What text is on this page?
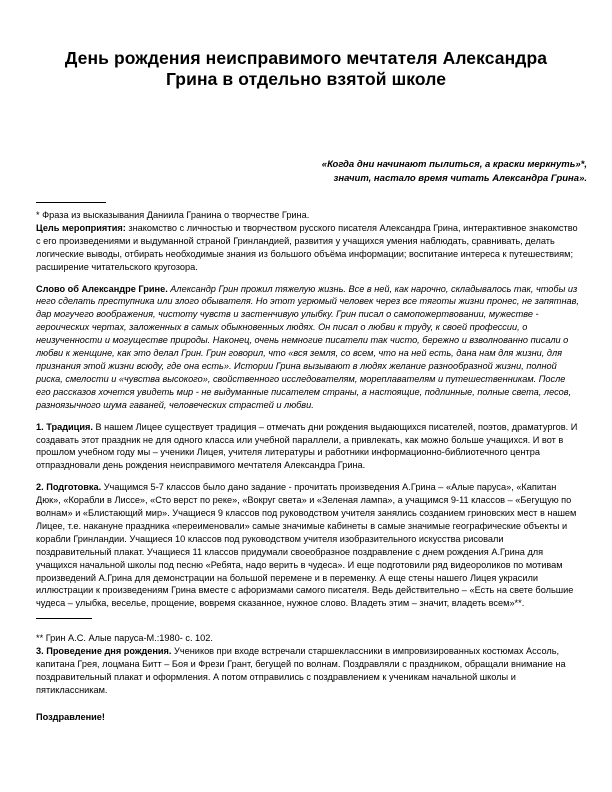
День рождения неисправимого мечтателя Александра
Грина в отдельно взятой школе
«Когда дни начинают пылиться, а краски меркнуть»*,
значит, настало время читать Александра Грина».

* Фраза из высказывания Даниила Гранина о творчестве Грина.

Цель мероприятия: знакомство с личностью и творчеством русского писателя Александра Грина, интерактивное знакомство с его произведениями и выдуманной страной Гринландией, развития у учащихся умения наблюдать, сравнивать, делать логические выводы, отбирать необходимые знания из большого объёма информации; воспитание интереса к путешествиям; расширение читательского кругозора.

Слово об Александре Грине. Александр Грин прожил тяжелую жизнь. Все в ней, как нарочно, складывалось так, чтобы из него сделать преступника или злого обывателя. Но этот угрюмый человек через все тяготы жизни пронес, не запятнав, дар могучего воображения, чистоту чувств и застенчивую улыбку. Грин писал о самопожертвовании, мужестве - героических чертах, заложенных в самых обыкновенных людях. Он писал о любви к труду, к своей профессии, о неизученности и могуществе природы. Наконец, очень немногие писатели так чисто, бережно и взволнованно писали о любви к женщине, как это делал Грин. Грин говорил, что «вся земля, со всем, что на ней есть, дана нам для жизни, для признания этой жизни всюду, где она есть». Истории Грина вызывают в людях желание разнообразной жизни, полной риска, смелости и «чувства высокого», свойственного исследователям, мореплавателям и путешественникам. После его рассказов хочется увидеть мир - не выдуманные писателем страны, а настоящие, подлинные, полные света, лесов, разноязычного шума гаваней, человеческих страстей и любви.

1. Традиция. В нашем Лицее существует традиция – отмечать дни рождения выдающихся писателей, поэтов, драматургов. И создавать этот праздник не для одного класса или учебной параллели, а привлекать, как можно больше учащихся. И вот в прошлом учебном году мы – ученики Лицея, учителя литературы и работники информационно-библиотечного центра отпраздновали день рождения неисправимого мечтателя Александра Грина.

2. Подготовка. Учащимся 5-7 классов было дано задание - прочитать произведения А.Грина – «Алые паруса», «Капитан Дюк», «Корабли в Лиссе», «Сто верст по реке», «Вокруг света» и «Зеленая лампа», а учащимся 9-11 классов – «Бегущую по волнам» и «Блистающий мир». Учащиеся 9 классов под руководством учителя занялись созданием гриновских мест в нашем Лицее, т.е. накануне праздника «переименовали» самые значимые кабинеты в самые значимые географические объекты и корабли Гринландии. Учащиеся 10 классов под руководством учителя изобразительного искусства рисовали поздравительный плакат. Учащиеся 11 классов придумали своеобразное поздравление с днем рождения А.Грина для учащихся начальной школы под песню «Ребята, надо верить в чудеса». И еще подготовили ряд видеороликов по мотивам произведений А.Грина для демонстрации на большой перемене и в переменку. А еще стены нашего Лицея украсили иллюстрации к произведениям Грина вместе с афоризмами самого писателя. Ведь действительно – «Есть на свете большие чудеса – улыбка, веселье, прощение, вовремя сказанное, нужное слово. Владеть этим – значит, владеть всем»**.

** Грин А.С. Алые паруса-М.:1980- с. 102.

3. Проведение дня рождения. Учеников при входе встречали старшеклассники в импровизированных костюмах Ассоль, капитана Грея, лоцмана Битт – Боя и Фрези Грант, бегущей по волнам. Поздравляли с праздником, обращали внимание на поздравительный плакат и оформления. А потом отправились с поздравлением к ученикам начальной школы и пятиклассникам.

Поздравление!
